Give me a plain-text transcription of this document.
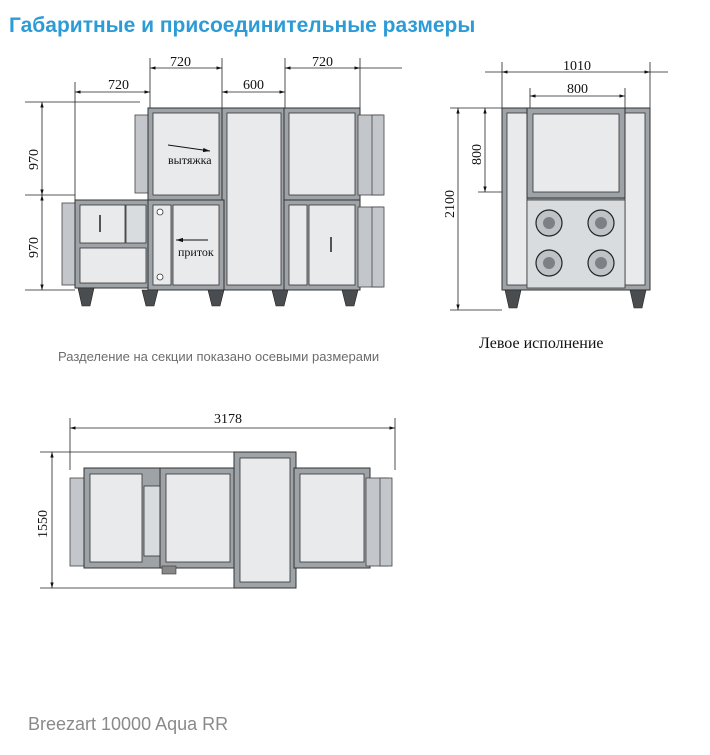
Габаритные и присоединительные размеры
720
600
720
720
970
970
вытяжка
приток
1010
800
2100
800
3178
1550
Разделение на секции показано осевыми размерами
Левое исполнение
Breezart 10000 Aqua RR
